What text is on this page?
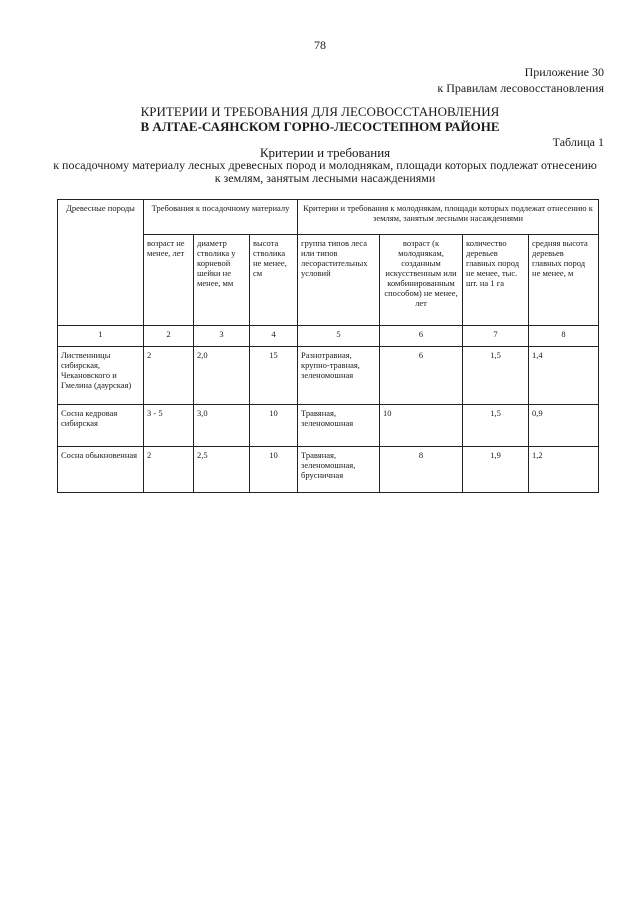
78
Приложение 30
к Правилам лесовосстановления
КРИТЕРИИ И ТРЕБОВАНИЯ ДЛЯ ЛЕСОВОССТАНОВЛЕНИЯ
В АЛТАЕ-САЯНСКОМ ГОРНО-ЛЕСОСТЕПНОМ РАЙОНЕ
Таблица 1
Критерии и требования
к посадочному материалу лесных древесных пород и молоднякам, площади которых подлежат отнесению
к землям, занятым лесными насаждениями
Древесные породы	Требования к посадочному материалу			Критерии и требования к молоднякам, площади которых подлежат отнесению к землям, занятым лесными насаждениями			
	возраст не менее, лет	диаметр стволика у корневой шейки не менее, мм	высота стволика не менее, см	группа типов леса или типов лесорастительных условий	возраст (к молоднякам, созданным искусственным или комбинированным способом) не менее, лет	количество деревьев главных пород не менее, тыс. шт. на 1 га	средняя высота деревьев главных пород не менее, м
1	2	3	4	5	6	7	8
Лиственницы сибирская, Чекановского и Гмелина (даурская)	2	2,0	15	Разнотравная, крупно-травная, зеленомошная	6	1,5	1,4
Сосна кедровая сибирская	3 - 5	3,0	10	Травяная, зеленомошная	10	1,5	0,9
Сосна обыкновенная	2	2,5	10	Травяная, зеленомошная, брусничная	8	1,9	1,2
